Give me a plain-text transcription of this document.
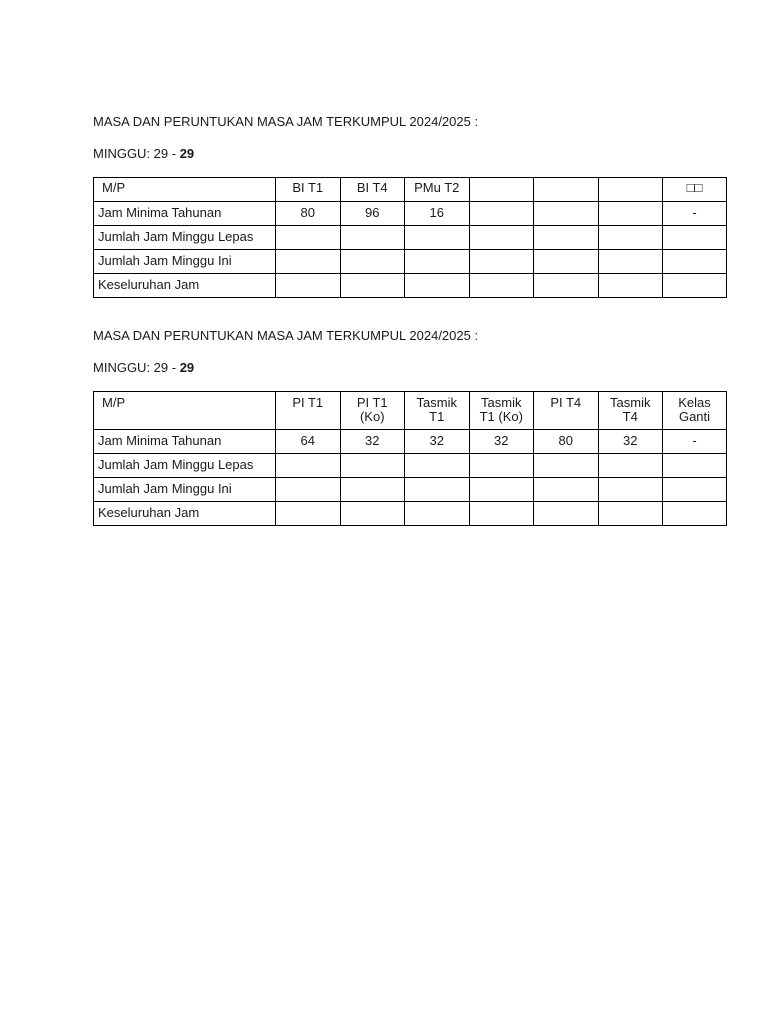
MASA DAN PERUNTUKAN MASA JAM TERKUMPUL 2024/2025 :

MINGGU: 29 - 29

M/P	BI T1	BI T4	PMu T2				□□
Jam Minima Tahunan	80	96	16				-
Jumlah Jam Minggu Lepas							
Jumlah Jam Minggu Ini							
Keseluruhan Jam							

MASA DAN PERUNTUKAN MASA JAM TERKUMPUL 2024/2025 :

MINGGU: 29 - 29

M/P	PI T1	PI T1 (Ko)	Tasmik T1	Tasmik T1 (Ko)	PI T4	Tasmik T4	Kelas Ganti
Jam Minima Tahunan	64	32	32	32	80	32	-
Jumlah Jam Minggu Lepas							
Jumlah Jam Minggu Ini							
Keseluruhan Jam							
